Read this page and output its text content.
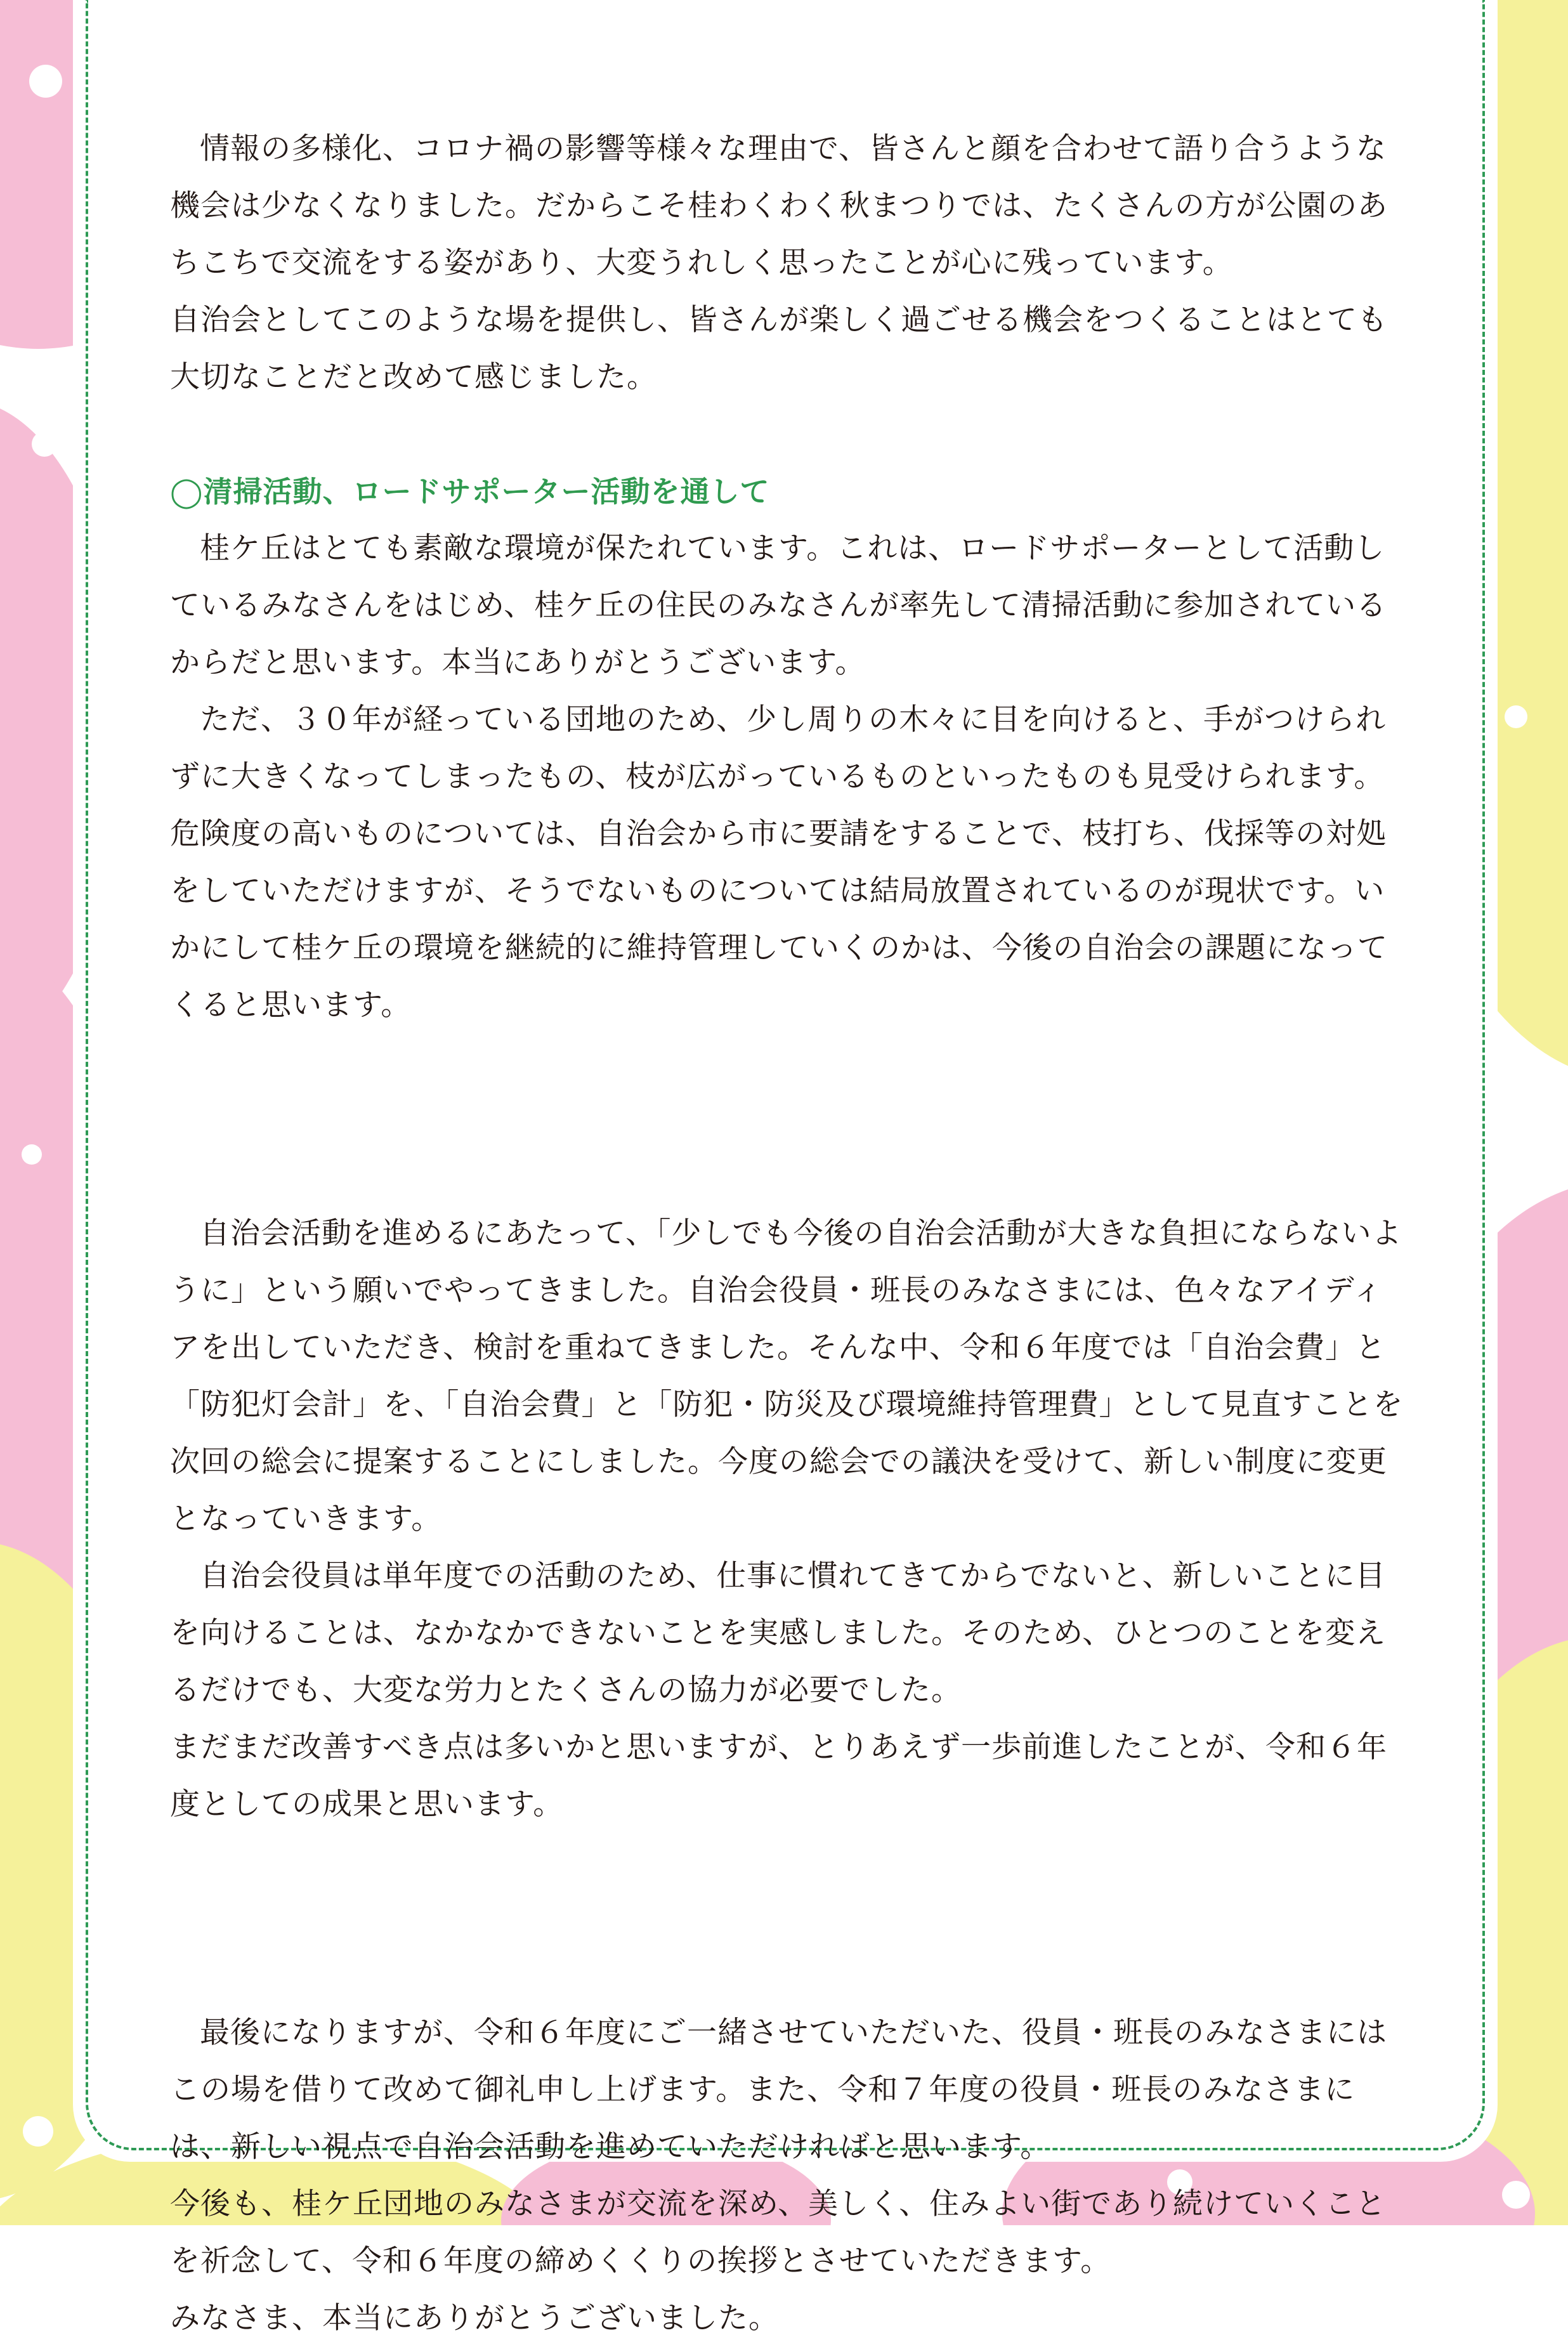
情報の多様化、コロナ禍の影響等様々な理由で、皆さんと顔を合わせて語り合うような機会は少なくなりました。だからこそ桂わくわく秋まつりでは、たくさんの方が公園のあちこちで交流をする姿があり、大変うれしく思ったことが心に残っています。

自治会としてこのような場を提供し、皆さんが楽しく過ごせる機会をつくることはとても大切なことだと改めて感じました。

◯清掃活動、ロードサポーター活動を通して

桂ケ丘はとても素敵な環境が保たれています。これは、ロードサポーターとして活動しているみなさんをはじめ、桂ケ丘の住民のみなさんが率先して清掃活動に参加されているからだと思います。本当にありがとうございます。

ただ、３０年が経っている団地のため、少し周りの木々に目を向けると、手がつけられずに大きくなってしまったもの、枝が広がっているものといったものも見受けられます。危険度の高いものについては、自治会から市に要請をすることで、枝打ち、伐採等の対処をしていただけますが、そうでないものについては結局放置されているのが現状です。いかにして桂ケ丘の環境を継続的に維持管理していくのかは、今後の自治会の課題になってくると思います。

自治会活動を進めるにあたって、「少しでも今後の自治会活動が大きな負担にならないように」という願いでやってきました。自治会役員・班長のみなさまには、色々なアイディアを出していただき、検討を重ねてきました。そんな中、令和６年度では「自治会費」と「防犯灯会計」を、「自治会費」と「防犯・防災及び環境維持管理費」として見直すことを次回の総会に提案することにしました。今度の総会での議決を受けて、新しい制度に変更となっていきます。

自治会役員は単年度での活動のため、仕事に慣れてきてからでないと、新しいことに目を向けることは、なかなかできないことを実感しました。そのため、ひとつのことを変えるだけでも、大変な労力とたくさんの協力が必要でした。

まだまだ改善すべき点は多いかと思いますが、とりあえず一歩前進したことが、令和６年度としての成果と思います。

最後になりますが、令和６年度にご一緒させていただいた、役員・班長のみなさまにはこの場を借りて改めて御礼申し上げます。また、令和７年度の役員・班長のみなさまには、新しい視点で自治会活動を進めていただければと思います。

今後も、桂ケ丘団地のみなさまが交流を深め、美しく、住みよい街であり続けていくことを祈念して、令和６年度の締めくくりの挨拶とさせていただきます。

みなさま、本当にありがとうございました。
